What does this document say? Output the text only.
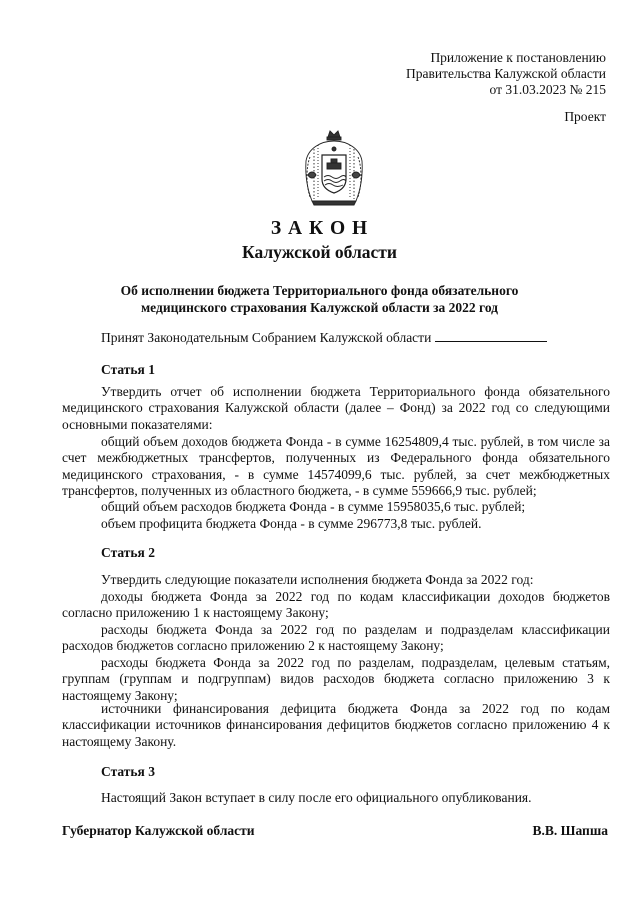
Приложение к постановлению
Правительства Калужской области
от 31.03.2023 № 215
Проект
З А К О Н
Калужской области
Об исполнении бюджета Территориального фонда обязательного
медицинского страхования Калужской области за 2022 год
Принят Законодательным Собранием Калужской области
Статья 1
Утвердить отчет об исполнении бюджета Территориального фонда обязательного медицинского страхования Калужской области (далее – Фонд) за 2022 год со следующими основными показателями:
общий объем доходов бюджета Фонда - в сумме 16254809,4 тыс. рублей, в том числе за счет межбюджетных трансфертов, полученных из Федерального фонда обязательного медицинского страхования, - в сумме 14574099,6 тыс. рублей, за счет межбюджетных трансфертов, полученных из областного бюджета, - в сумме 559666,9 тыс. рублей;
общий объем расходов бюджета Фонда - в сумме 15958035,6 тыс. рублей;
объем профицита бюджета Фонда - в сумме 296773,8 тыс. рублей.
Статья 2
Утвердить следующие показатели исполнения бюджета Фонда за 2022 год:
доходы бюджета Фонда за 2022 год по кодам классификации доходов бюджетов согласно приложению 1 к настоящему Закону;
расходы бюджета Фонда за 2022 год по разделам и подразделам классификации расходов бюджетов согласно приложению 2 к настоящему Закону;
расходы бюджета Фонда за 2022 год по разделам, подразделам, целевым статьям, группам (группам и подгруппам) видов расходов бюджета согласно приложению 3 к настоящему Закону;
источники финансирования дефицита бюджета Фонда за 2022 год по кодам классификации источников финансирования дефицитов бюджетов согласно приложению 4 к настоящему Закону.
Статья 3
Настоящий Закон вступает в силу после его официального опубликования.
Губернатор Калужской области	В.В. Шапша
